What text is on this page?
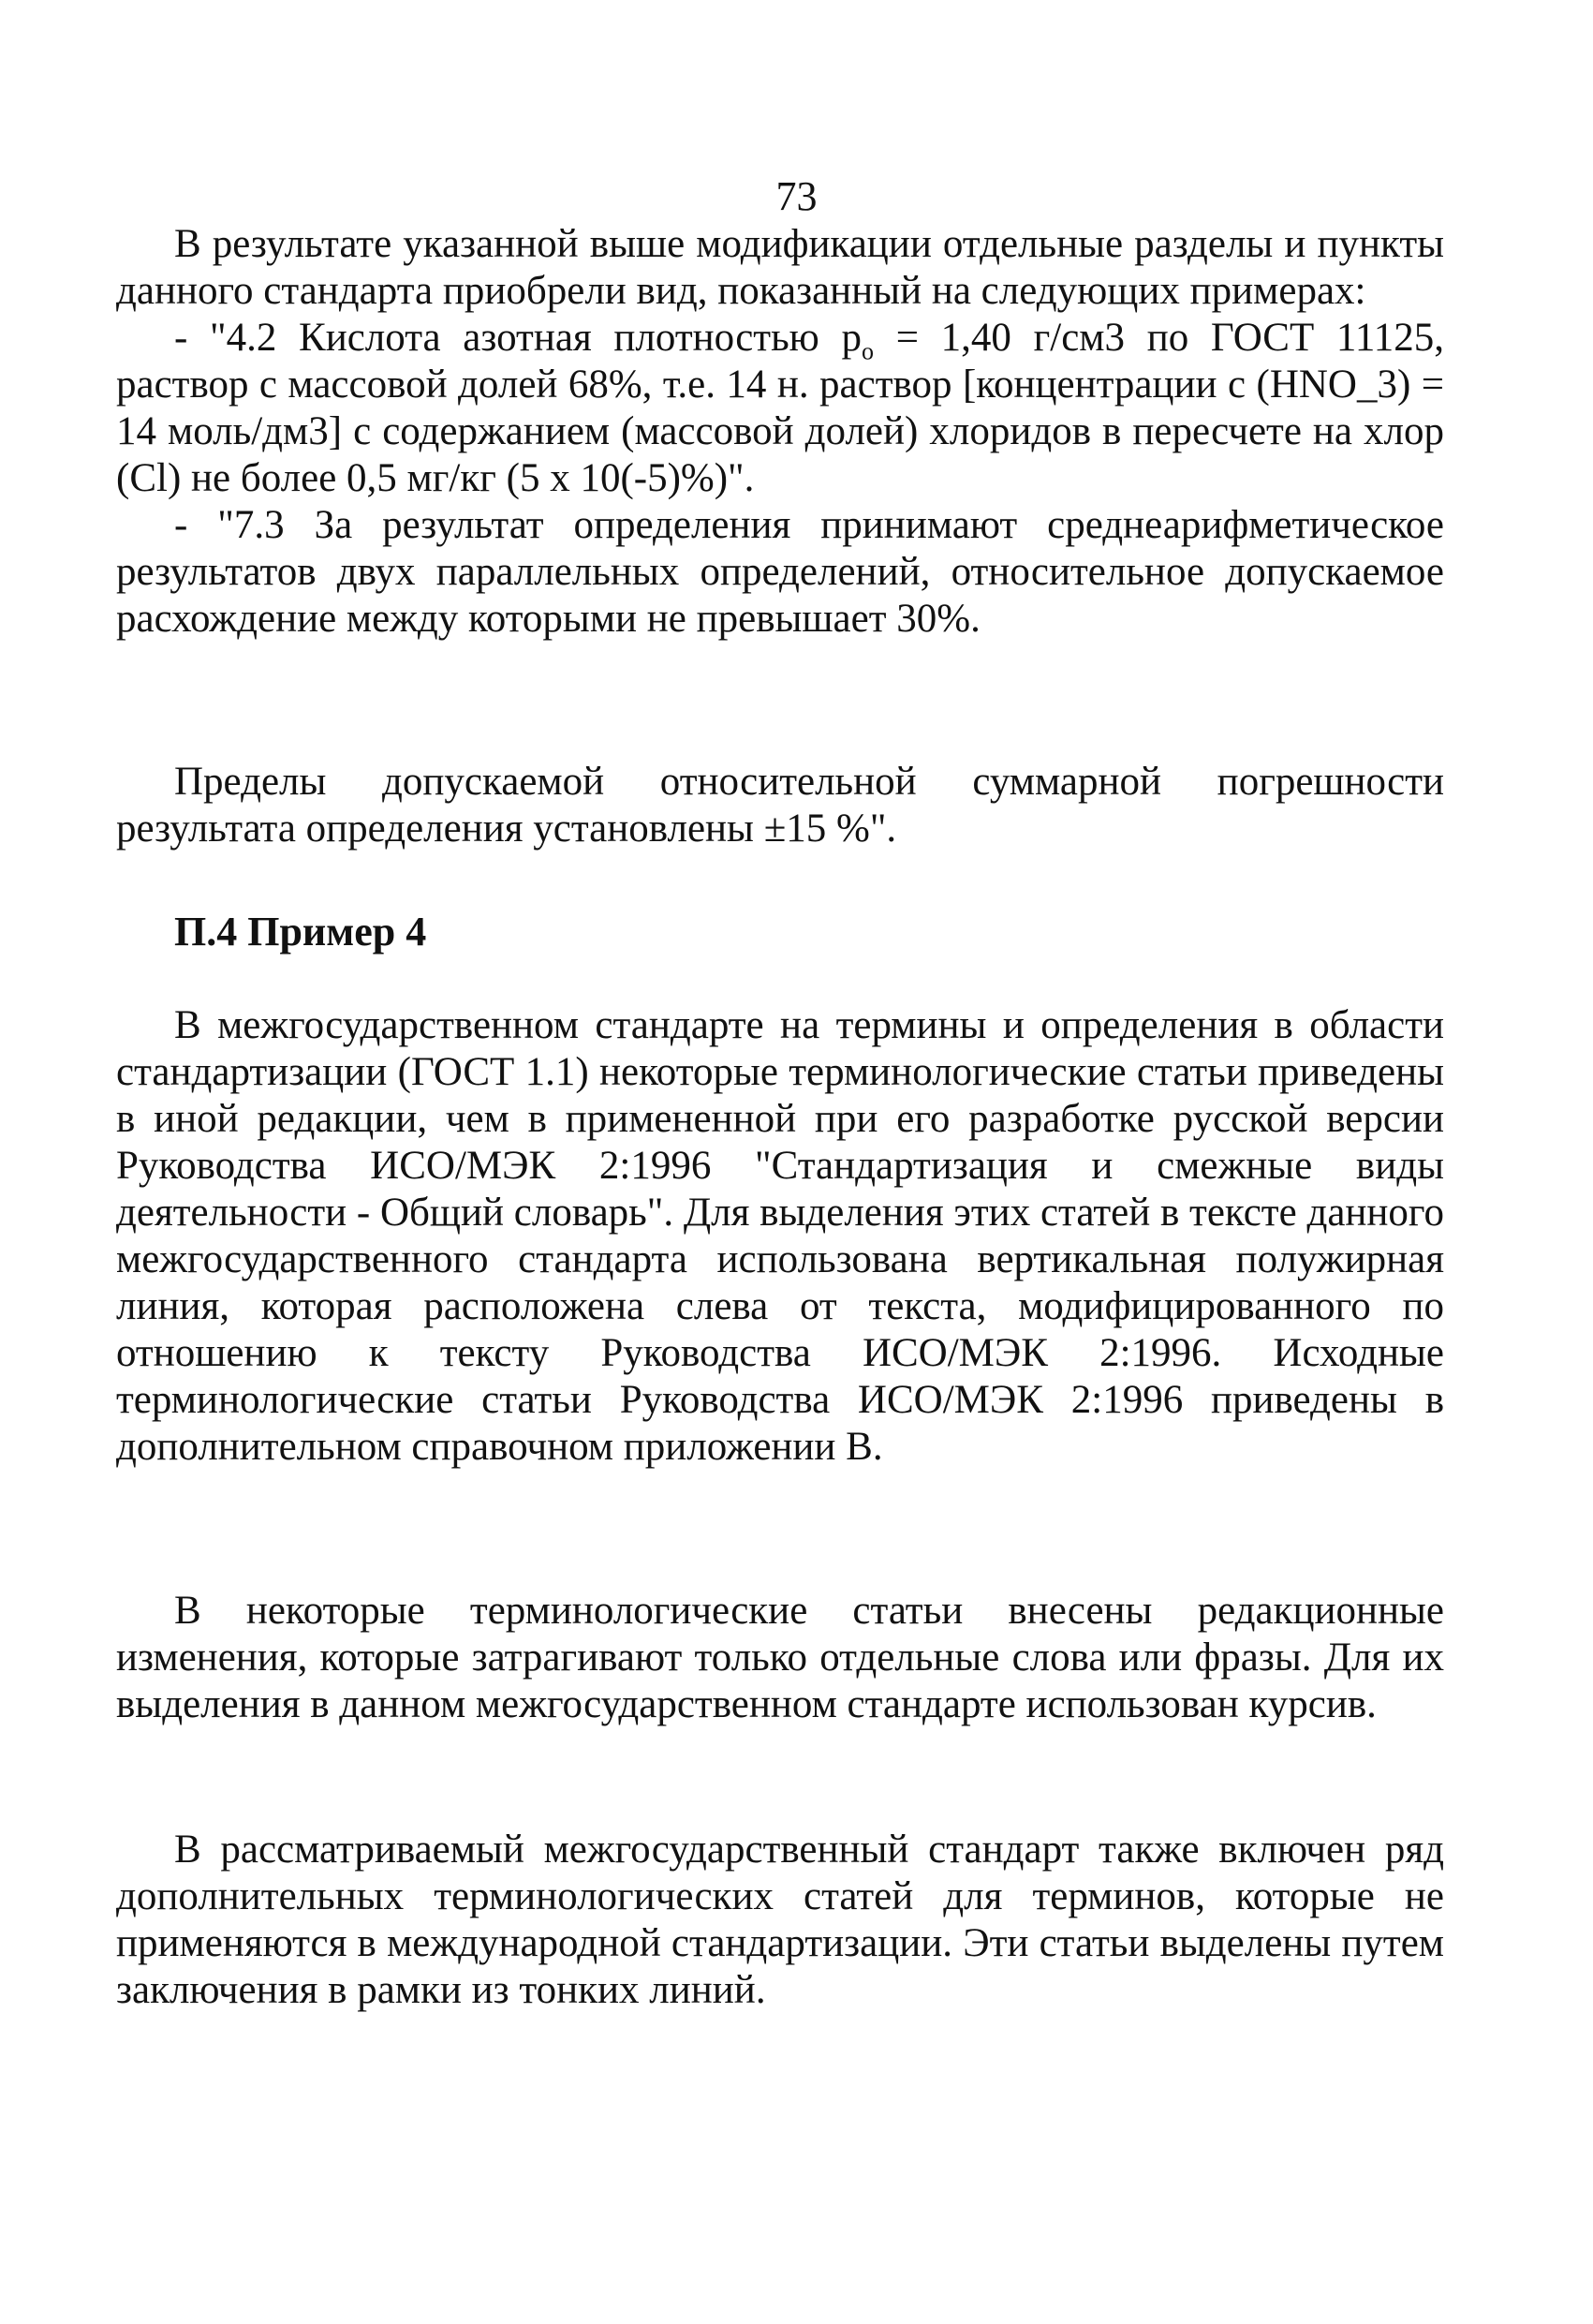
73

В результате указанной выше модификации отдельные разделы и пункты данного стандарта приобрели вид, показанный на следующих примерах:

- "4.2 Кислота азотная плотностью $p_o = 1,40$ г/см3 по ГОСТ 11125, раствор с массовой долей 68%, т.е. 14 н. раствор [концентрации с (HNO_3) = 14 моль/дм3] с содержанием (массовой долей) хлоридов в пересчете на хлор (Cl) не более 0,5 мг/кг (5 х 10(-5)%)".

- "7.3 За результат определения принимают среднеарифметическое результатов двух параллельных определений, относительное допускаемое расхождение между которыми не превышает 30%.

Пределы допускаемой относительной суммарной погрешности результата определения установлены ±15 %".

П.4 Пример 4

В межгосударственном стандарте на термины и определения в области стандартизации (ГОСТ 1.1) некоторые терминологические статьи приведены в иной редакции, чем в примененной при его разработке русской версии Руководства ИСО/МЭК 2:1996 "Стандартизация и смежные виды деятельности - Общий словарь". Для выделения этих статей в тексте данного межгосударственного стандарта использована вертикальная полужирная линия, которая расположена слева от текста, модифицированного по отношению к тексту Руководства ИСО/МЭК 2:1996. Исходные терминологические статьи Руководства ИСО/МЭК 2:1996 приведены в дополнительном справочном приложении В.

В некоторые терминологические статьи внесены редакционные изменения, которые затрагивают только отдельные слова или фразы. Для их выделения в данном межгосударственном стандарте использован курсив.

В рассматриваемый межгосударственный стандарт также включен ряд дополнительных терминологических статей для терминов, которые не применяются в международной стандартизации. Эти статьи выделены путем заключения в рамки из тонких линий.
